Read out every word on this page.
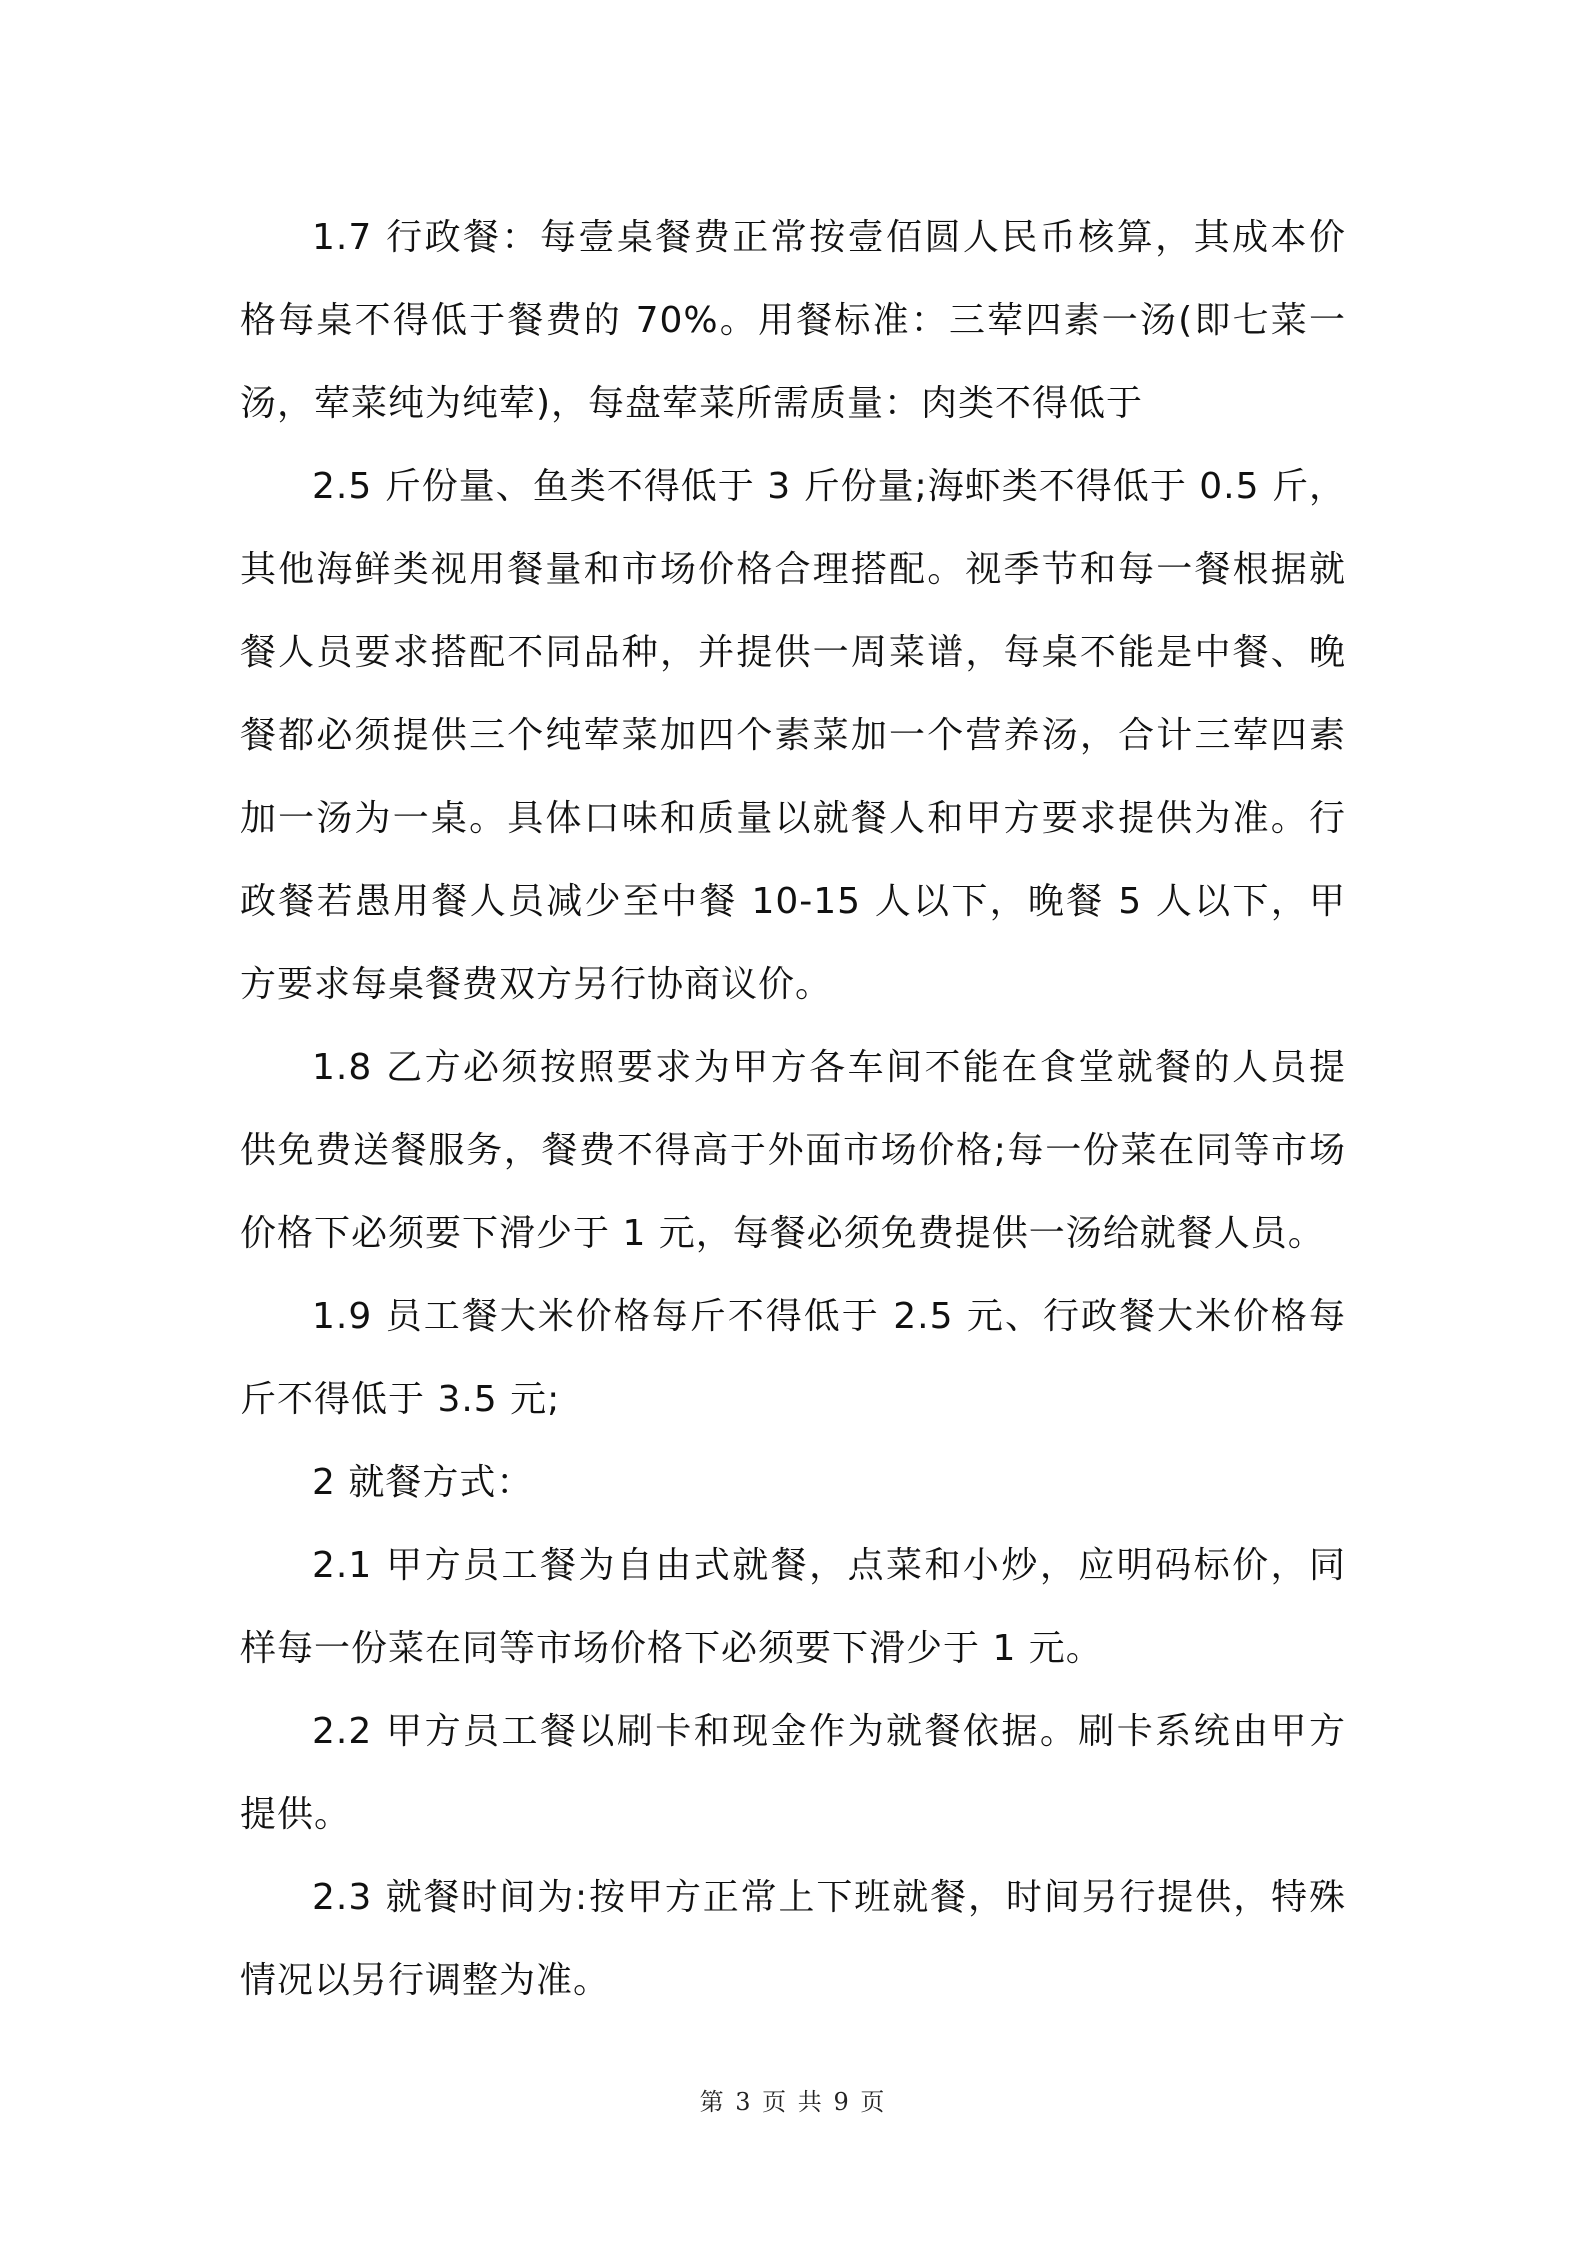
1.7 行政餐：每壹桌餐费正常按壹佰圆人民币核算，其成本价格每桌不得低于餐费的 70%。用餐标准：三荤四素一汤(即七菜一汤，荤菜纯为纯荤)，每盘荤菜所需质量：肉类不得低于

2.5 斤份量、鱼类不得低于 3 斤份量;海虾类不得低于 0.5 斤，其他海鲜类视用餐量和市场价格合理搭配。视季节和每一餐根据就餐人员要求搭配不同品种，并提供一周菜谱，每桌不能是中餐、晚餐都必须提供三个纯荤菜加四个素菜加一个营养汤，合计三荤四素加一汤为一桌。具体口味和质量以就餐人和甲方要求提供为准。行政餐若愚用餐人员减少至中餐 10-15 人以下，晚餐 5 人以下，甲方要求每桌餐费双方另行协商议价。

1.8 乙方必须按照要求为甲方各车间不能在食堂就餐的人员提供免费送餐服务，餐费不得高于外面市场价格;每一份菜在同等市场价格下必须要下滑少于 1 元，每餐必须免费提供一汤给就餐人员。

1.9 员工餐大米价格每斤不得低于 2.5 元、行政餐大米价格每斤不得低于 3.5 元;

2 就餐方式：

2.1 甲方员工餐为自由式就餐，点菜和小炒，应明码标价，同样每一份菜在同等市场价格下必须要下滑少于 1 元。

2.2 甲方员工餐以刷卡和现金作为就餐依据。刷卡系统由甲方提供。

2.3 就餐时间为:按甲方正常上下班就餐，时间另行提供，特殊情况以另行调整为准。

第 3 页 共 9 页
